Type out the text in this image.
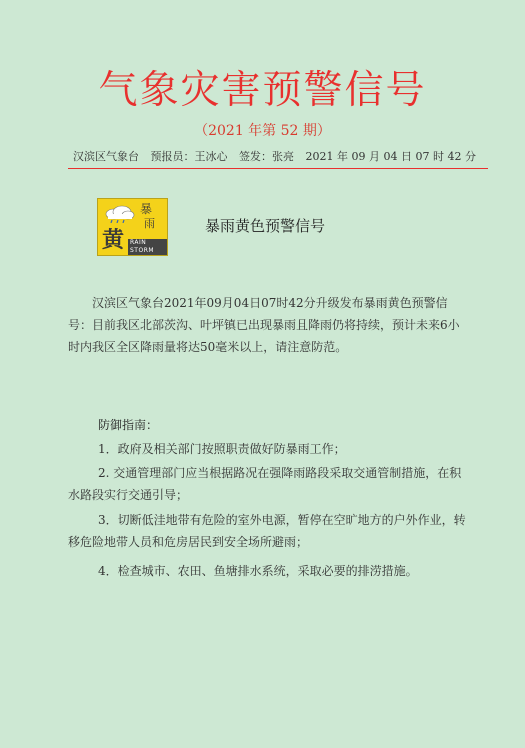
气象灾害预警信号
（2021 年第 52 期）
汉滨区气象台 预报员：王冰心 签发：张亮 2021 年 09 月 04 日 07 时 42 分
暴
雨
黄 RAIN STORM
暴雨黄色预警信号
汉滨区气象台2021年09月04日07时42分升级发布暴雨黄色预警信号：目前我区北部茨沟、叶坪镇已出现暴雨且降雨仍将持续，预计未来6小时内我区全区降雨量将达50毫米以上，请注意防范。
防御指南：
1．政府及相关部门按照职责做好防暴雨工作；
2. 交通管理部门应当根据路况在强降雨路段采取交通管制措施，在积水路段实行交通引导；
3．切断低洼地带有危险的室外电源，暂停在空旷地方的户外作业，转移危险地带人员和危房居民到安全场所避雨；
4．检查城市、农田、鱼塘排水系统，采取必要的排涝措施。
